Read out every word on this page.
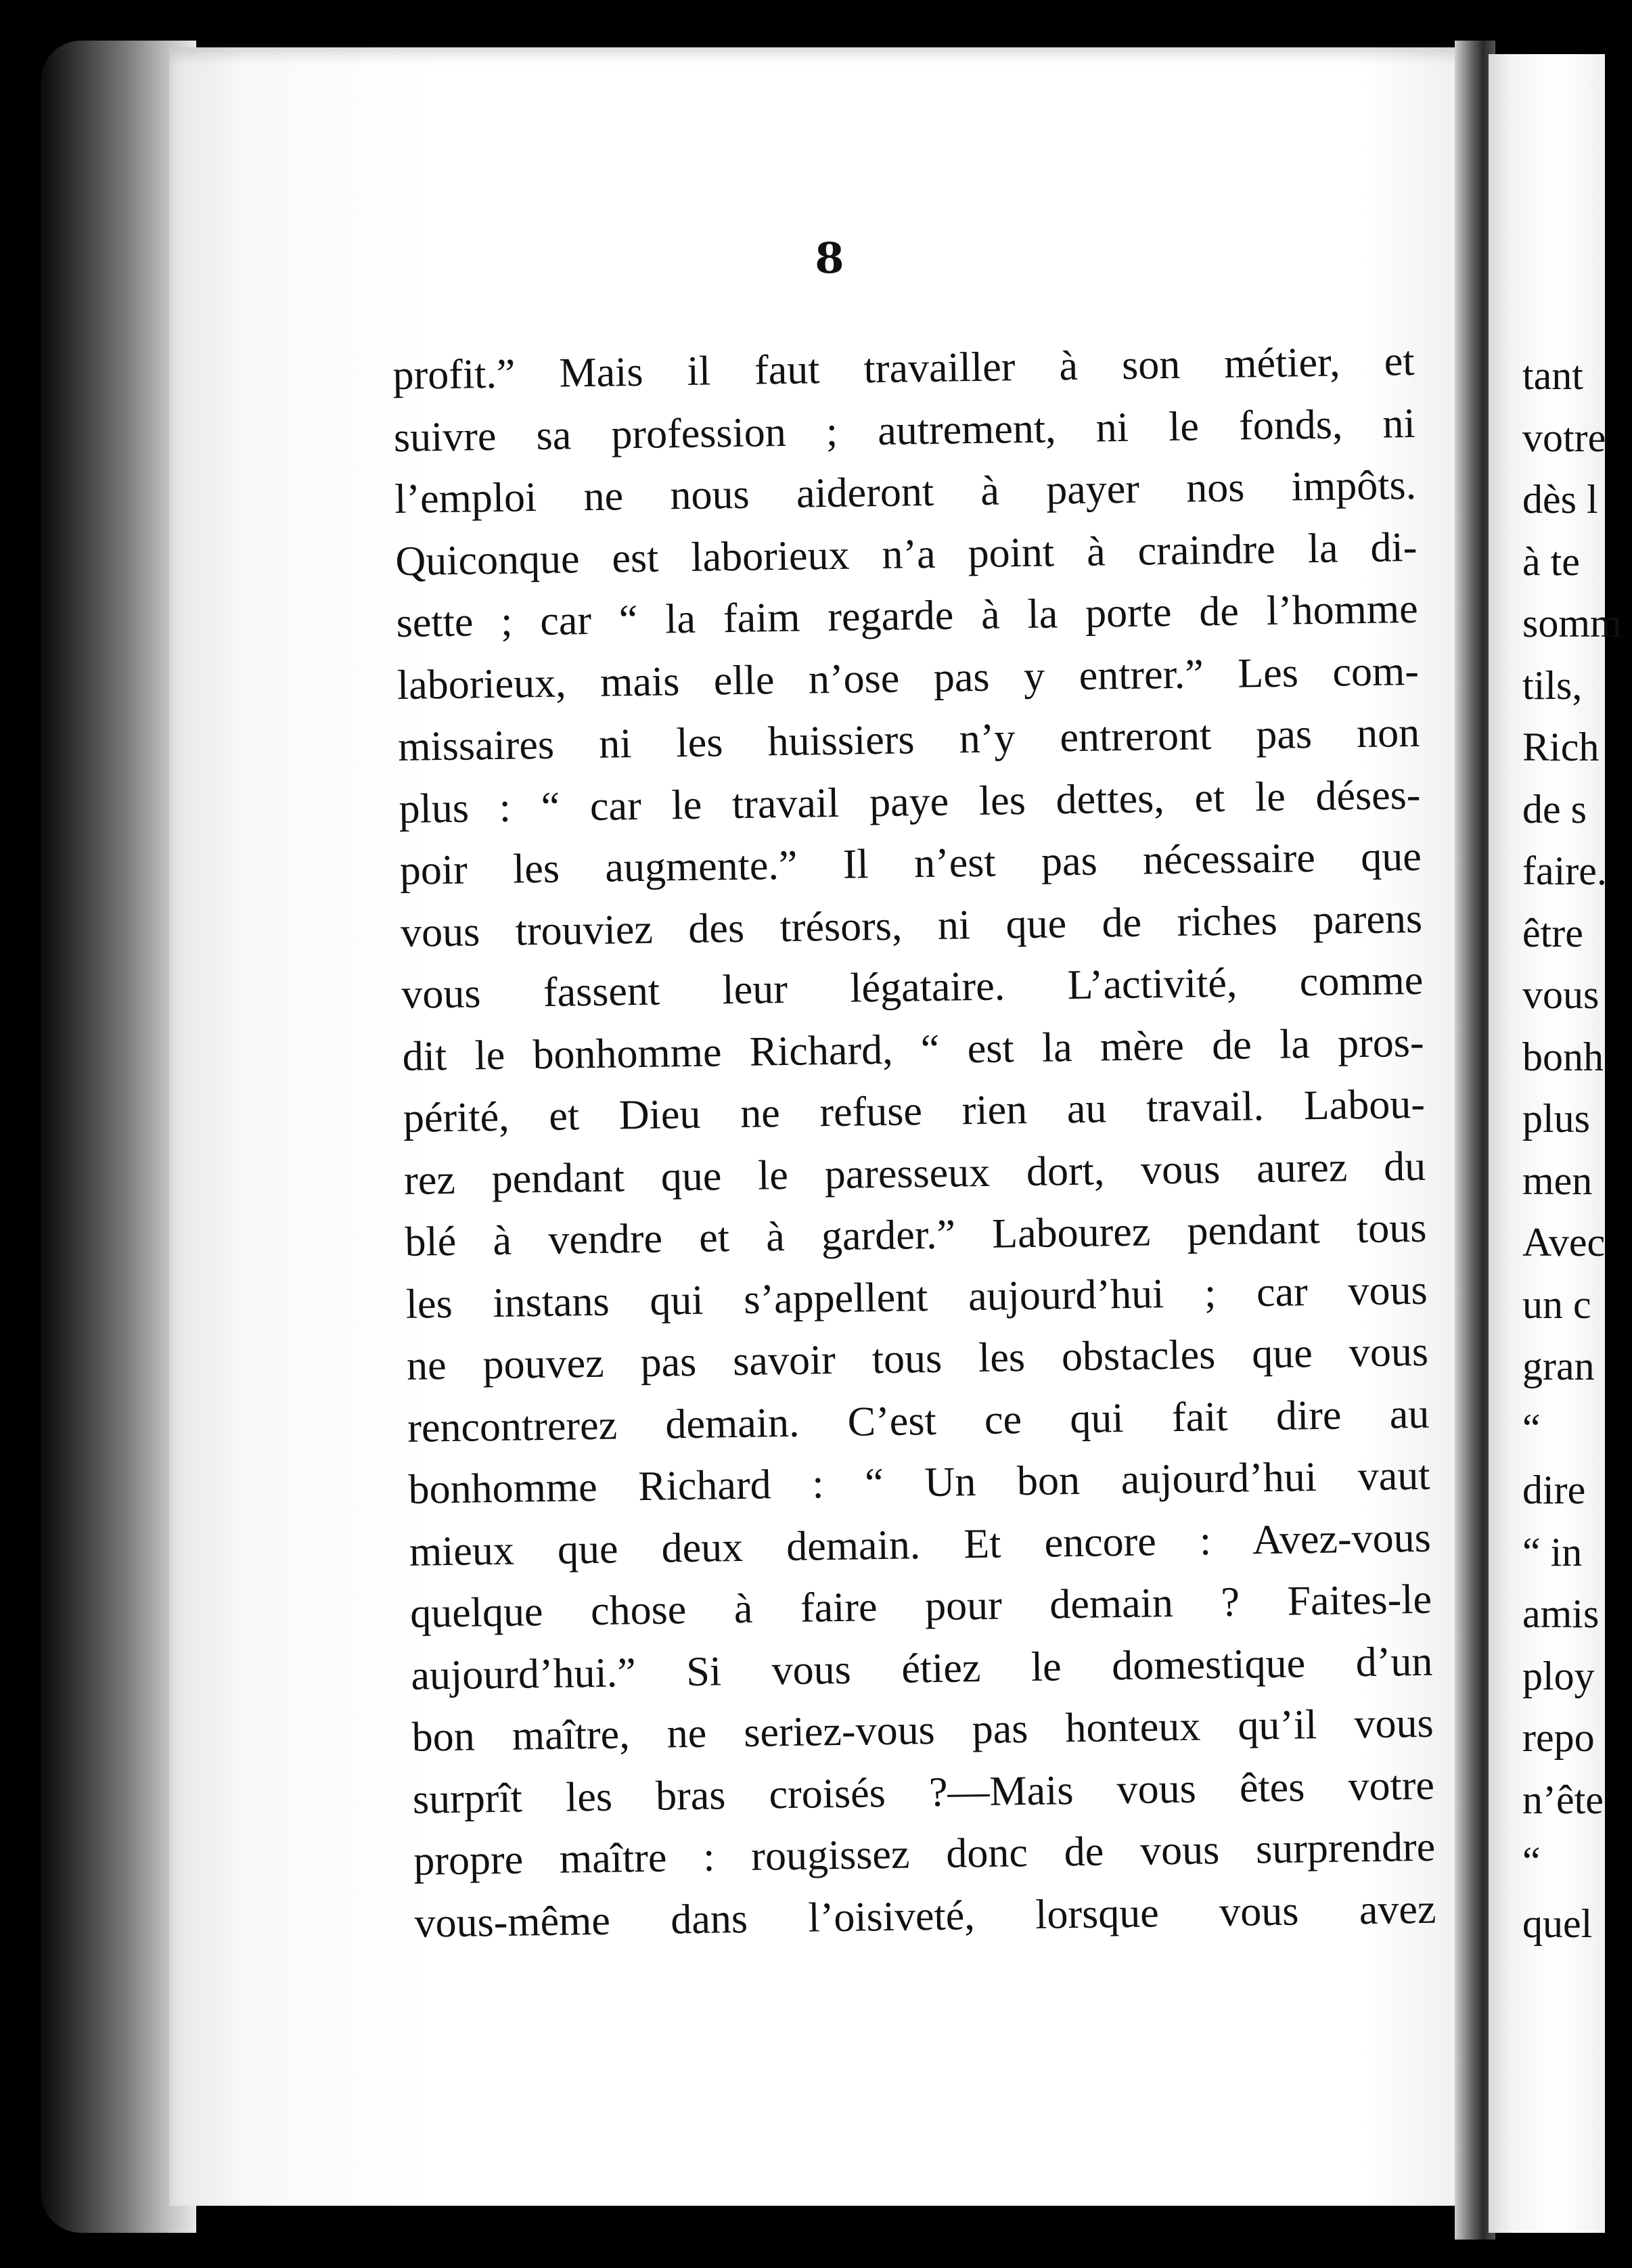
8
profit.” Mais il faut travailler à son métier, et
suivre sa profession ; autrement, ni le fonds, ni
l’emploi ne nous aideront à payer nos impôts.
Quiconque est laborieux n’a point à craindre la di-
sette ; car “ la faim regarde à la porte de l’homme
laborieux, mais elle n’ose pas y entrer.” Les com-
missaires ni les huissiers n’y entreront pas non
plus : “ car le travail paye les dettes, et le déses-
poir les augmente.” Il n’est pas nécessaire que
vous trouviez des trésors, ni que de riches parens
vous fassent leur légataire. L’activité, comme
dit le bonhomme Richard, “ est la mère de la pros-
périté, et Dieu ne refuse rien au travail. Labou-
rez pendant que le paresseux dort, vous aurez du
blé à vendre et à garder.” Labourez pendant tous
les instans qui s’appellent aujourd’hui ; car vous
ne pouvez pas savoir tous les obstacles que vous
rencontrerez demain. C’est ce qui fait dire au
bonhomme Richard : “ Un bon aujourd’hui vaut
mieux que deux demain. Et encore : Avez-vous
quelque chose à faire pour demain ? Faites-le
aujourd’hui.” Si vous étiez le domestique d’un
bon maître, ne seriez-vous pas honteux qu’il vous
surprît les bras croisés ?—Mais vous êtes votre
propre maître : rougissez donc de vous surprendre
vous-même dans l’oisiveté, lorsque vous avez
tant
votre
dès l
à te
somm
tils,
Rich
de s
faire.
être
vous
bonh
plus
men
Avec
un c
gran
“
dire
“ in
amis
ploy
repo
n’ête
“
quel
